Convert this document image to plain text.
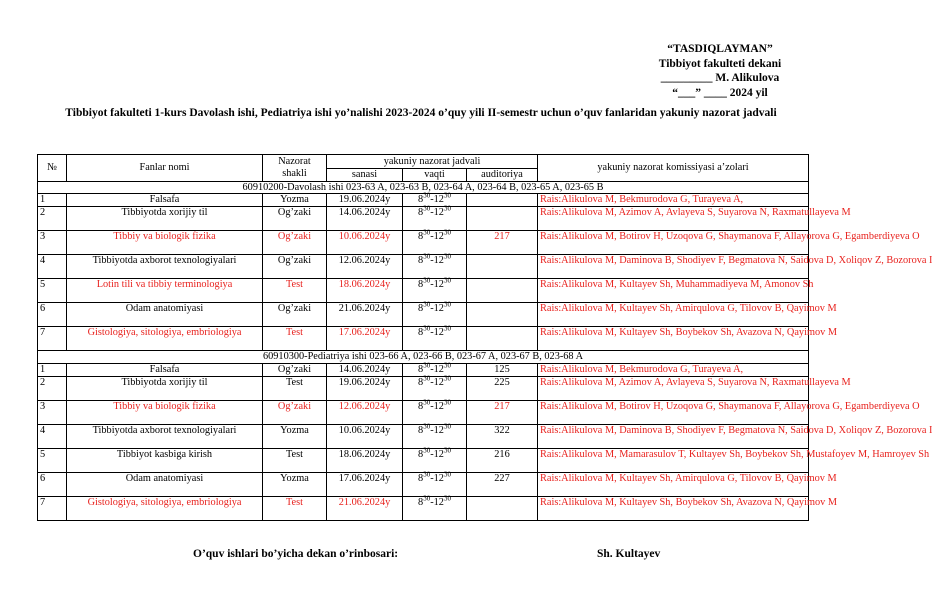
“TASDIQLAYMAN”
Tibbiyot fakulteti dekani
_________ M. Alikulova
“___” ____ 2024 yil
Tibbiyot fakulteti 1-kurs Davolash ishi, Pediatriya ishi yo’nalishi 2023-2024 o’quy yili II-semestr uchun o’quv fanlaridan yakuniy nazorat jadvali
№	Fanlar nomi	Nazorat shakli	yakuniy nazorat jadvali			yakuniy nazorat komissiyasi a’zolari
			sanasi	vaqti	auditoriya	
60910200-Davolash ishi 023-63 A, 023-63 B, 023-64 A, 023-64 B, 023-65 A, 023-65 B						
1	Falsafa	Yozma	19.06.2024y	$8^{30}-12^{30}$		Rais:Alikulova M, Bekmurodova G, Turayeva A,
2	Tibbiyotda xorijiy til	Og’zaki	14.06.2024y	$8^{30}-12^{30}$		Rais:Alikulova M, Azimov A, Avlayeva S, Suyarova N, Raxmatullayeva M
3	Tibbiy va biologik fizika	Og’zaki	10.06.2024y	$8^{30}-12^{30}$	217	Rais:Alikulova M, Botirov H, Uzoqova G, Shaymanova F, Allayorova G, Egamberdiyeva O
4	Tibbiyotda axborot texnologiyalari	Og’zaki	12.06.2024y	$8^{30}-12^{30}$		Rais:Alikulova M, Daminova B, Shodiyev F, Begmatova N, Saidova D, Xoliqov Z, Bozorova I
5	Lotin tili va tibbiy terminologiya	Test	18.06.2024y	$8^{30}-12^{30}$		Rais:Alikulova M, Kultayev Sh, Muhammadiyeva M, Amonov Sh
6	Odam anatomiyasi	Og’zaki	21.06.2024y	$8^{30}-12^{30}$		Rais:Alikulova M, Kultayev Sh, Amirqulova G, Tilovov B, Qayimov M
7	Gistologiya, sitologiya, embriologiya	Test	17.06.2024y	$8^{30}-12^{30}$		Rais:Alikulova M, Kultayev Sh, Boybekov Sh, Avazova N, Qayimov M
60910300-Pediatriya ishi 023-66 A, 023-66 B, 023-67 A, 023-67 B, 023-68 A						
1	Falsafa	Og’zaki	14.06.2024y	$8^{30}-12^{30}$	125	Rais:Alikulova M, Bekmurodova G, Turayeva A,
2	Tibbiyotda xorijiy til	Test	19.06.2024y	$8^{30}-12^{30}$	225	Rais:Alikulova M, Azimov A, Avlayeva S, Suyarova N, Raxmatullayeva M
3	Tibbiy va biologik fizika	Og’zaki	12.06.2024y	$8^{30}-12^{30}$	217	Rais:Alikulova M, Botirov H, Uzoqova G, Shaymanova F, Allayorova G, Egamberdiyeva O
4	Tibbiyotda axborot texnologiyalari	Yozma	10.06.2024y	$8^{30}-12^{30}$	322	Rais:Alikulova M, Daminova B, Shodiyev F, Begmatova N, Saidova D, Xoliqov Z, Bozorova I
5	Tibbiyot kasbiga kirish	Test	18.06.2024y	$8^{30}-12^{30}$	216	Rais:Alikulova M, Mamarasulov T, Kultayev Sh, Boybekov Sh, Mustafoyev M, Hamroyev Sh
6	Odam anatomiyasi	Yozma	17.06.2024y	$8^{30}-12^{30}$	227	Rais:Alikulova M, Kultayev Sh, Amirqulova G, Tilovov B, Qayimov M
7	Gistologiya, sitologiya, embriologiya	Test	21.06.2024y	$8^{30}-12^{30}$		Rais:Alikulova M, Kultayev Sh, Boybekov Sh, Avazova N, Qayimov M
O’quv ishlari bo’yicha dekan o’rinbosari:	Sh. Kultayev
